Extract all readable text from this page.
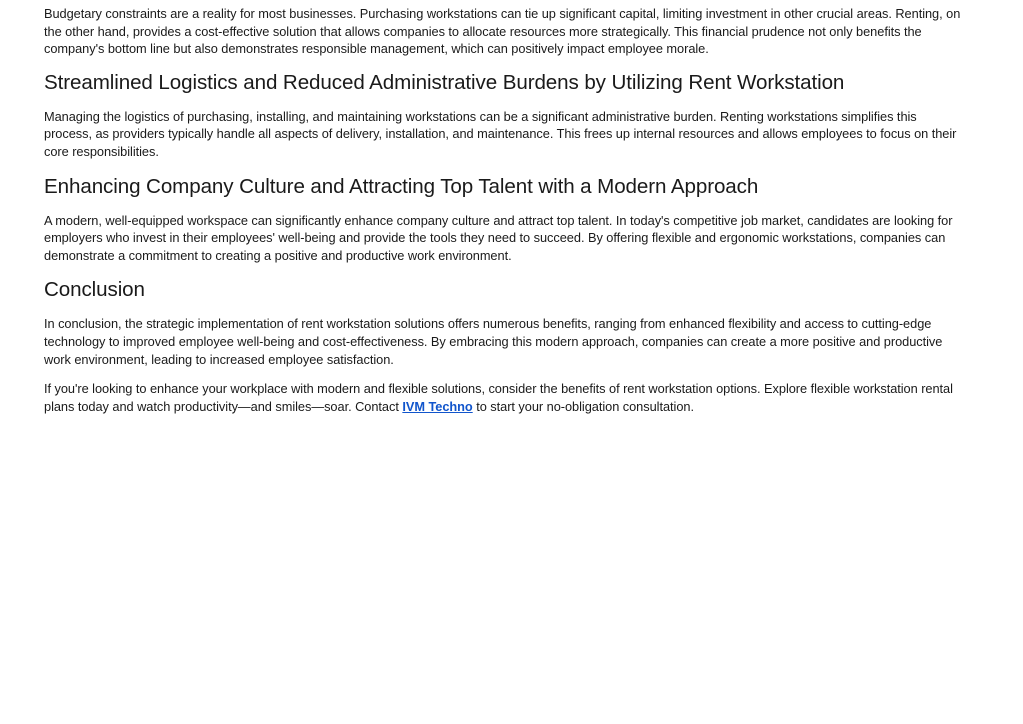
Budgetary constraints are a reality for most businesses. Purchasing workstations can tie up significant capital, limiting investment in other crucial areas. Renting, on the other hand, provides a cost-effective solution that allows companies to allocate resources more strategically. This financial prudence not only benefits the company's bottom line but also demonstrates responsible management, which can positively impact employee morale.

Streamlined Logistics and Reduced Administrative Burdens by Utilizing Rent Workstation

Managing the logistics of purchasing, installing, and maintaining workstations can be a significant administrative burden. Renting workstations simplifies this process, as providers typically handle all aspects of delivery, installation, and maintenance. This frees up internal resources and allows employees to focus on their core responsibilities.

Enhancing Company Culture and Attracting Top Talent with a Modern Approach

A modern, well-equipped workspace can significantly enhance company culture and attract top talent. In today's competitive job market, candidates are looking for employers who invest in their employees' well-being and provide the tools they need to succeed. By offering flexible and ergonomic workstations, companies can demonstrate a commitment to creating a positive and productive work environment.

Conclusion

In conclusion, the strategic implementation of rent workstation solutions offers numerous benefits, ranging from enhanced flexibility and access to cutting-edge technology to improved employee well-being and cost-effectiveness. By embracing this modern approach, companies can create a more positive and productive work environment, leading to increased employee satisfaction.

If you're looking to enhance your workplace with modern and flexible solutions, consider the benefits of rent workstation options. Explore flexible workstation rental plans today and watch productivity—and smiles—soar. Contact IVM Techno to start your no-obligation consultation.
